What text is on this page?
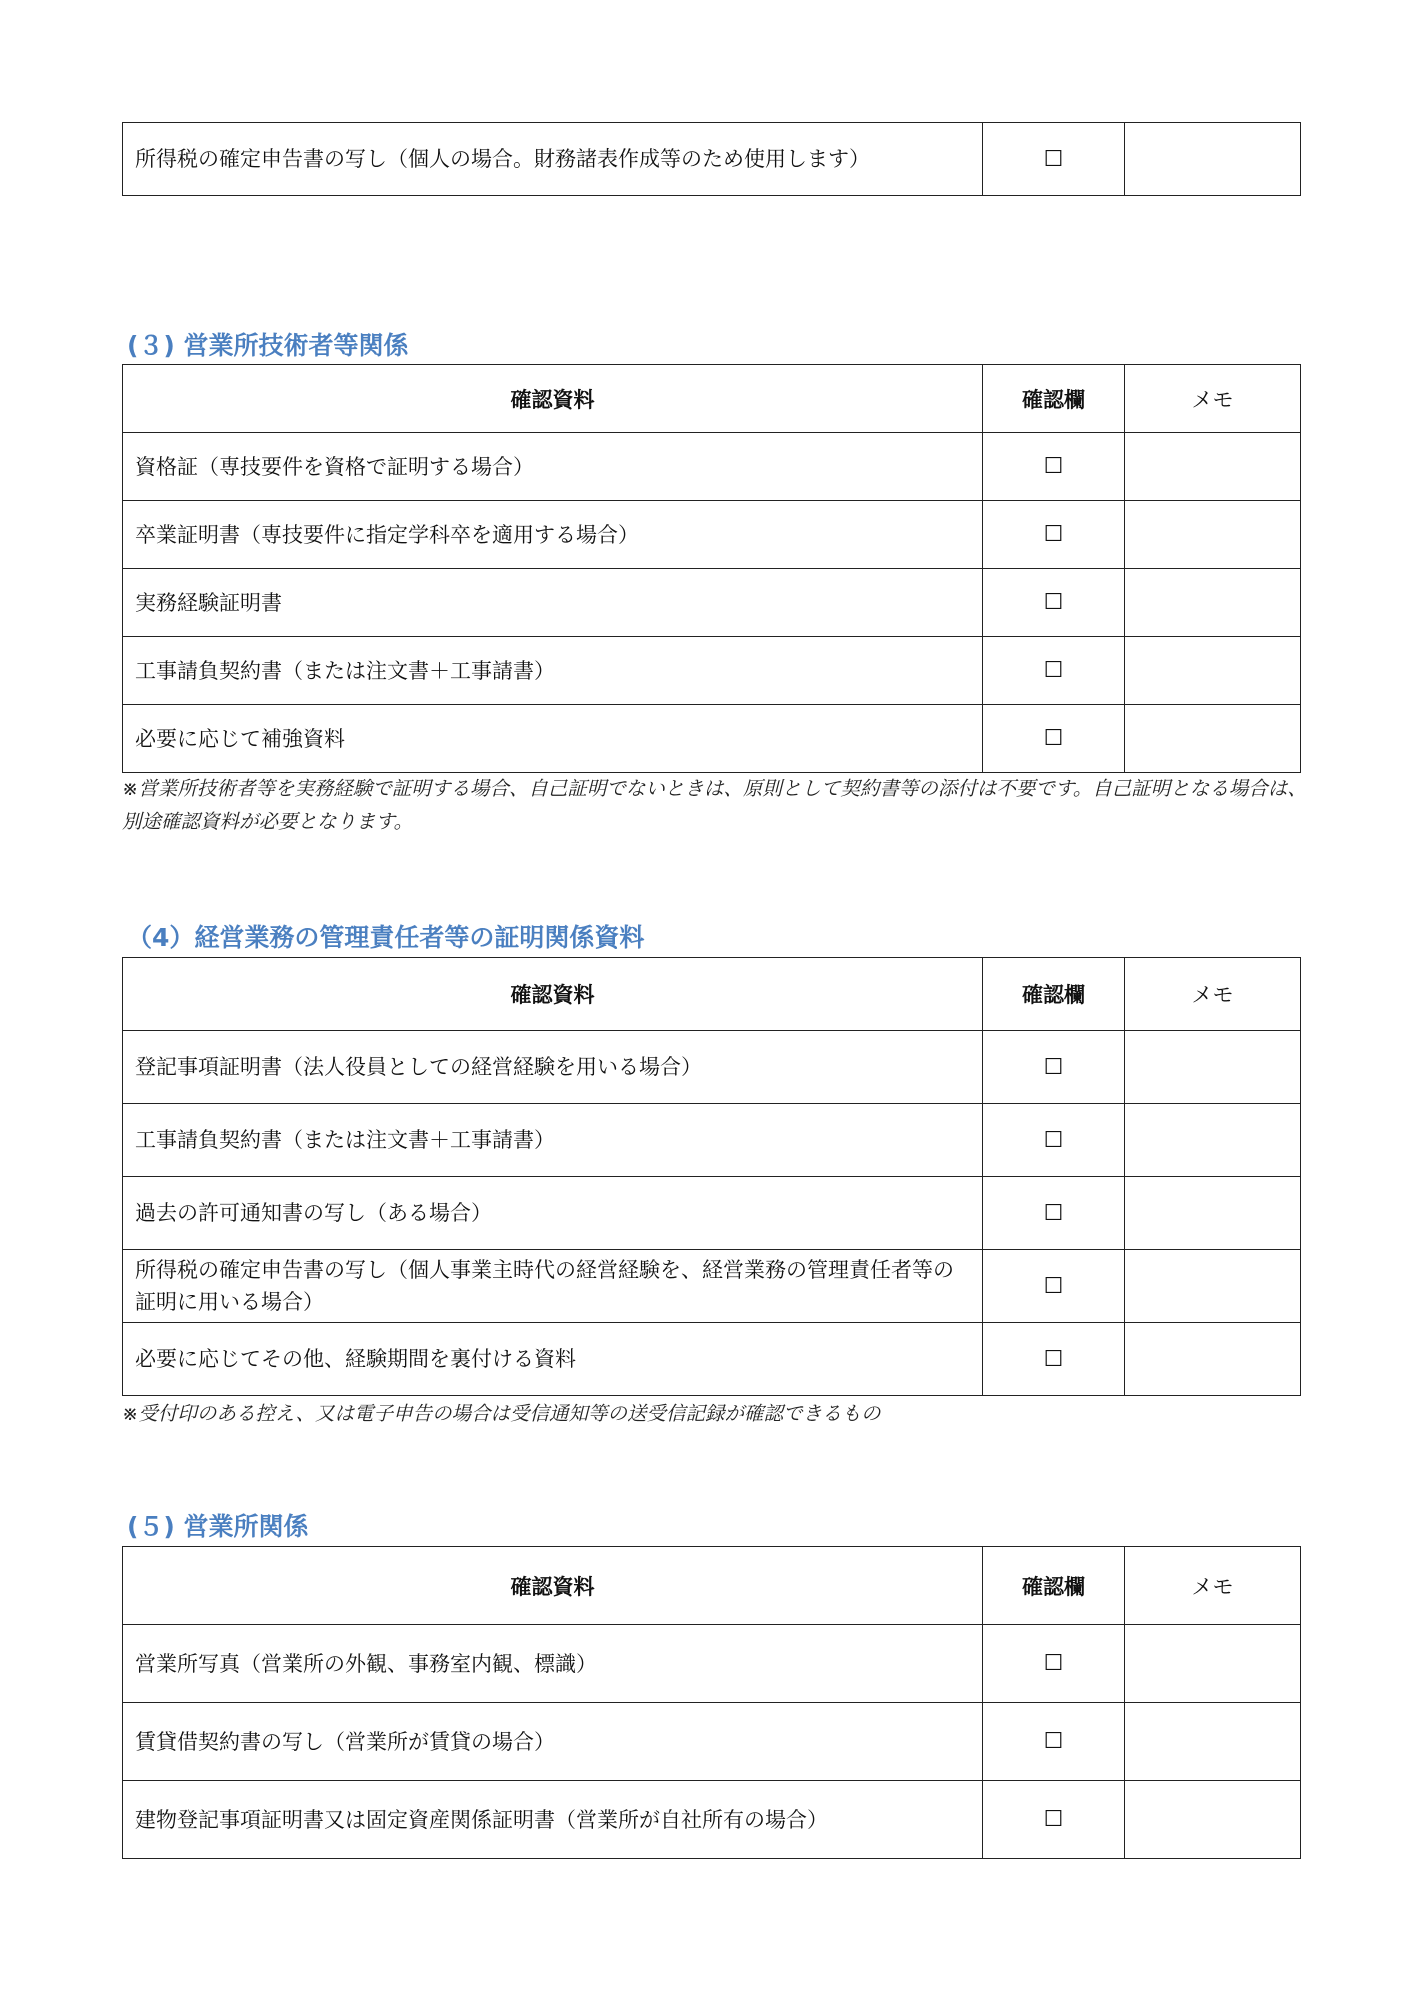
所得税の確定申告書の写し（個人の場合。財務諸表作成等のため使用します）	☐	
(３) 営業所技術者等関係
確認資料	確認欄	メモ
資格証（専技要件を資格で証明する場合）	☐	
卒業証明書（専技要件に指定学科卒を適用する場合）	☐	
実務経験証明書	☐	
工事請負契約書（または注文書＋工事請書）	☐	
必要に応じて補強資料	☐	
※営業所技術者等を実務経験で証明する場合、自己証明でないときは、原則として契約書等の添付は不要です。自己証明となる場合は、別途確認資料が必要となります。
（4）経営業務の管理責任者等の証明関係資料
確認資料	確認欄	メモ
登記事項証明書（法人役員としての経営経験を用いる場合）	☐	
工事請負契約書（または注文書＋工事請書）	☐	
過去の許可通知書の写し（ある場合）	☐	
所得税の確定申告書の写し（個人事業主時代の経営経験を、経営業務の管理責任者等の証明に用いる場合）	☐	
必要に応じてその他、経験期間を裏付ける資料	☐	
※受付印のある控え、又は電子申告の場合は受信通知等の送受信記録が確認できるもの
(５) 営業所関係
確認資料	確認欄	メモ
営業所写真（営業所の外観、事務室内観、標識）	☐	
賃貸借契約書の写し（営業所が賃貸の場合）	☐	
建物登記事項証明書又は固定資産関係証明書（営業所が自社所有の場合）	☐	
